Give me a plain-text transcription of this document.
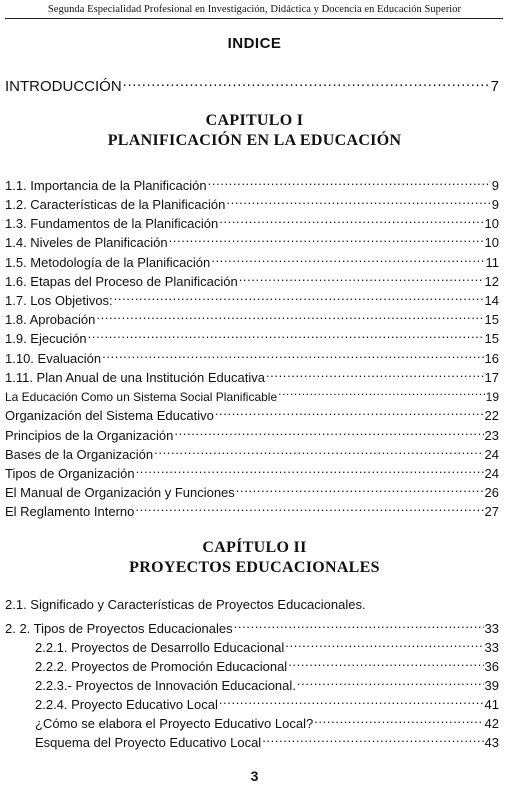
Segunda Especialidad Profesional en Investigación, Didáctica y Docencia en Educación Superior
INDICE
INTRODUCCIÓN .....	7
CAPITULO I
PLANIFICACIÓN EN LA EDUCACIÓN
1.1. Importancia de la Planificación .....	9
1.2. Características de la Planificación .....	9
1.3. Fundamentos de la Planificación .....	10
1.4. Niveles de Planificación .....	10
1.5. Metodología de la Planificación .....	11
1.6. Etapas del Proceso de Planificación .....	12
1.7. Los Objetivos: .....	14
1.8. Aprobación .....	15
1.9. Ejecución .....	15
1.10. Evaluación .....	16
1.11. Plan Anual de una Institución Educativa .....	17
La Educación Como un Sistema Social Planificable .....	19
Organización del Sistema Educativo .....	22
Principios de la Organización .....	23
Bases de la Organización .....	24
Tipos de Organización .....	24
El Manual de Organización y Funciones .....	26
El Reglamento Interno .....	27
CAPÍTULO II
PROYECTOS EDUCACIONALES
2.1. Significado y Características de Proyectos Educacionales.
2. 2. Tipos de Proyectos Educacionales .....	33
2.2.1. Proyectos de Desarrollo Educacional .....	33
2.2.2. Proyectos de Promoción Educacional .....	36
2.2.3.- Proyectos de Innovación Educacional. .....	39
2.2.4. Proyecto Educativo Local .....	41
¿Cómo se elabora el Proyecto Educativo Local? .....	42
Esquema del Proyecto Educativo Local .....	43
3
